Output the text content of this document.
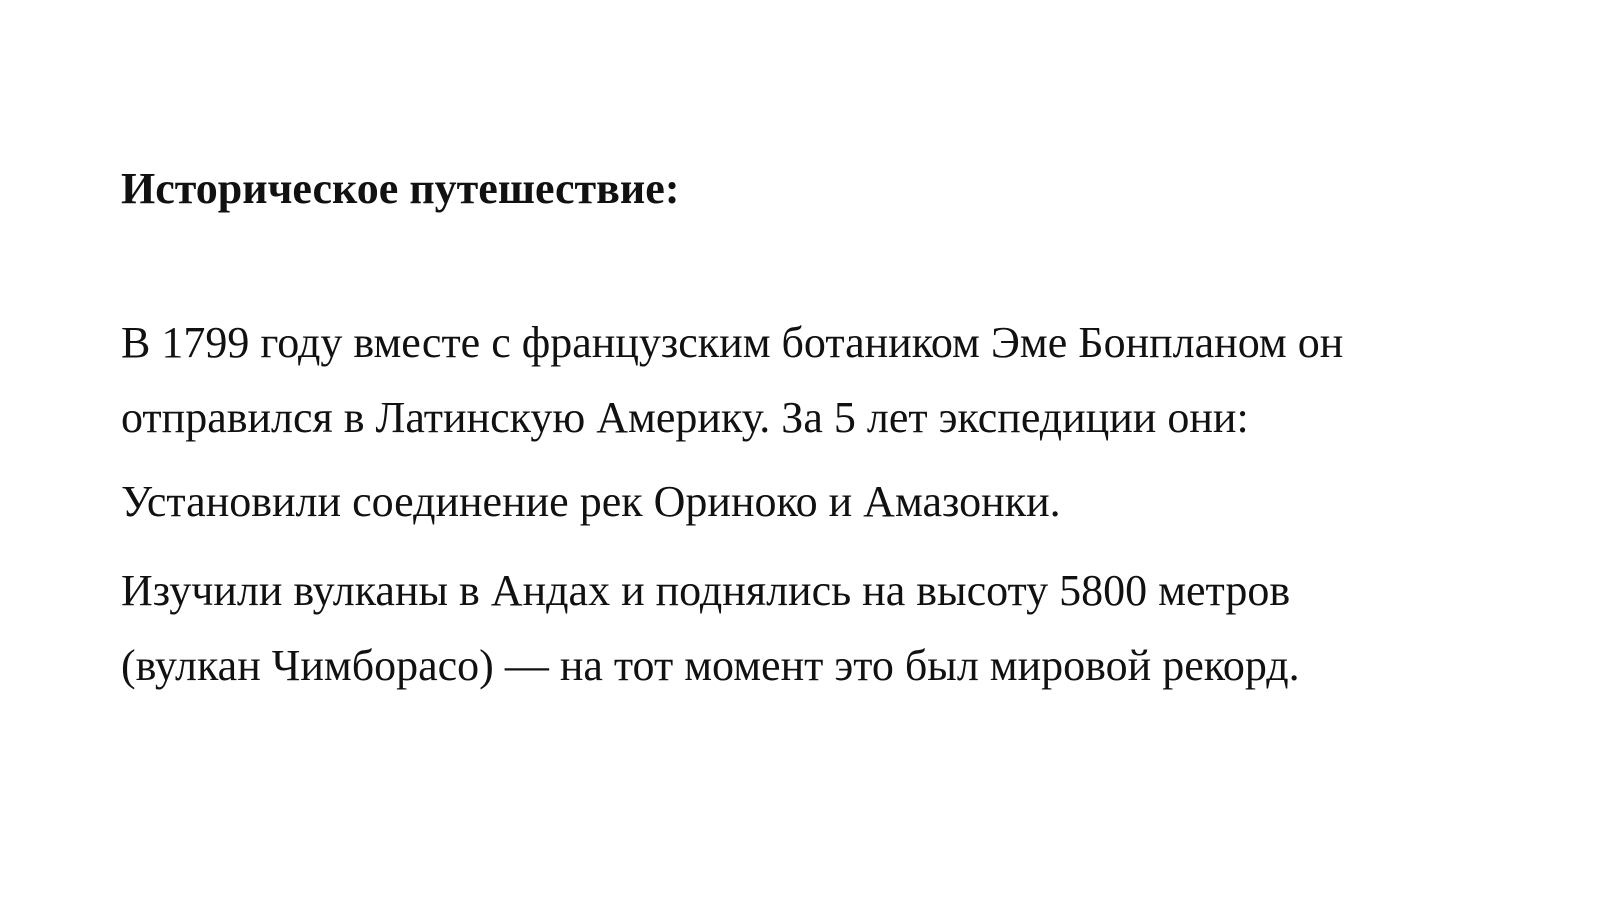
Историческое путешествие:

В 1799 году вместе с французским ботаником Эме Бонпланом он
отправился в Латинскую Америку. За 5 лет экспедиции они:

Установили соединение рек Ориноко и Амазонки.

Изучили вулканы в Андах и поднялись на высоту 5800 метров
(вулкан Чимборасо) — на тот момент это был мировой рекорд.
